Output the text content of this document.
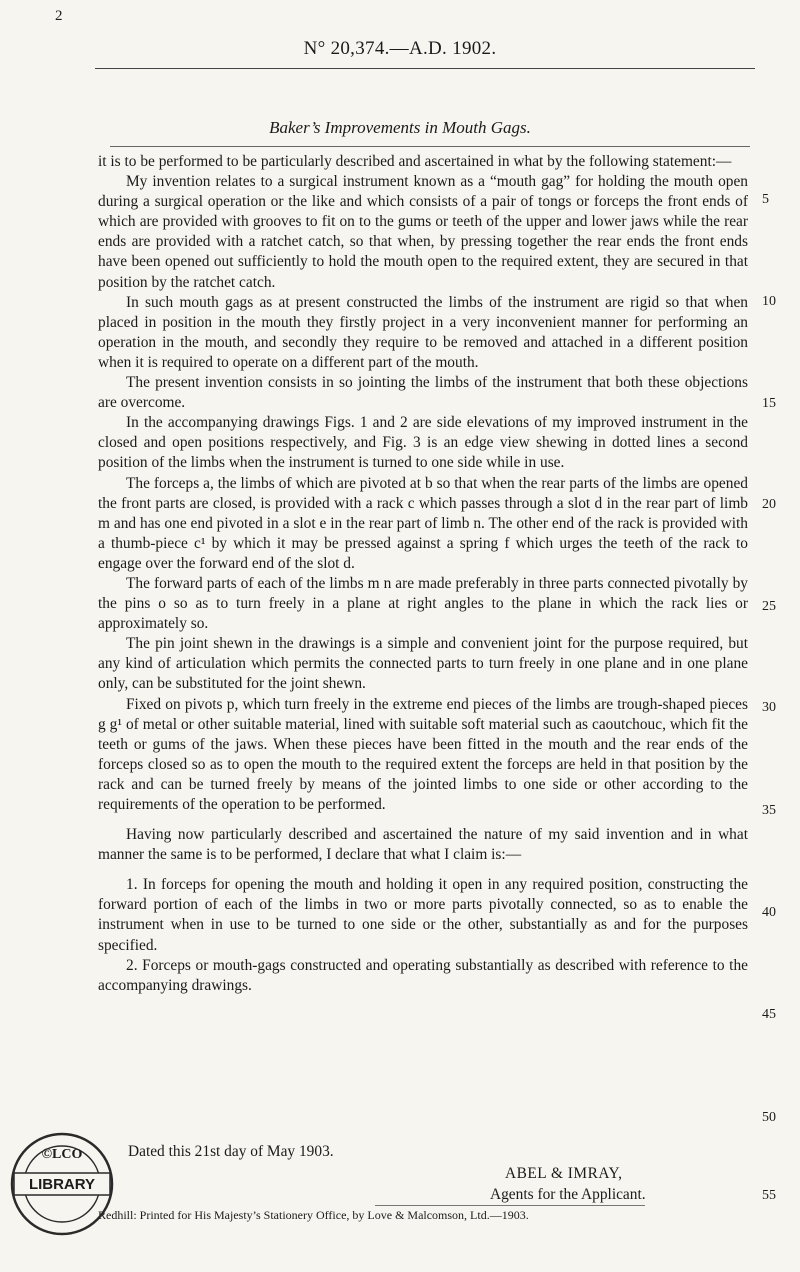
2
N° 20,374.—A.D. 1902.
Baker’s Improvements in Mouth Gags.

it is to be performed to be particularly described and ascertained in what by the following statement:—

My invention relates to a surgical instrument known as a “mouth gag” for holding the mouth open during a surgical operation or the like and which consists of a pair of tongs or forceps the front ends of which are provided with grooves to fit on to the gums or teeth of the upper and lower jaws while the rear ends are provided with a ratchet catch, so that when, by pressing together the rear ends the front ends have been opened out sufficiently to hold the mouth open to the required extent, they are secured in that position by the ratchet catch.

In such mouth gags as at present constructed the limbs of the instrument are rigid so that when placed in position in the mouth they firstly project in a very inconvenient manner for performing an operation in the mouth, and secondly they require to be removed and attached in a different position when it is required to operate on a different part of the mouth.

The present invention consists in so jointing the limbs of the instrument that both these objections are overcome.

In the accompanying drawings Figs. 1 and 2 are side elevations of my improved instrument in the closed and open positions respectively, and Fig. 3 is an edge view shewing in dotted lines a second position of the limbs when the instrument is turned to one side while in use.

The forceps a, the limbs of which are pivoted at b so that when the rear parts of the limbs are opened the front parts are closed, is provided with a rack c which passes through a slot d in the rear part of limb m and has one end pivoted in a slot e in the rear part of limb n. The other end of the rack is provided with a thumb-piece c¹ by which it may be pressed against a spring f which urges the teeth of the rack to engage over the forward end of the slot d.

The forward parts of each of the limbs m n are made preferably in three parts connected pivotally by the pins o so as to turn freely in a plane at right angles to the plane in which the rack lies or approximately so.

The pin joint shewn in the drawings is a simple and convenient joint for the purpose required, but any kind of articulation which permits the connected parts to turn freely in one plane and in one plane only, can be substituted for the joint shewn.

Fixed on pivots p, which turn freely in the extreme end pieces of the limbs are trough-shaped pieces g g¹ of metal or other suitable material, lined with suitable soft material such as caoutchouc, which fit the teeth or gums of the jaws. When these pieces have been fitted in the mouth and the rear ends of the forceps closed so as to open the mouth to the required extent the forceps are held in that position by the rack and can be turned freely by means of the jointed limbs to one side or other according to the requirements of the operation to be performed.

Having now particularly described and ascertained the nature of my said invention and in what manner the same is to be performed, I declare that what I claim is:—

1. In forceps for opening the mouth and holding it open in any required position, constructing the forward portion of each of the limbs in two or more parts pivotally connected, so as to enable the instrument when in use to be turned to one side or the other, substantially as and for the purposes specified.

2. Forceps or mouth-gags constructed and operating substantially as described with reference to the accompanying drawings.

Dated this 21st day of May 1903.
ABEL & IMRAY,
Agents for the Applicant.
Redhill: Printed for His Majesty’s Stationery Office, by Love & Malcomson, Ltd.—1903.
5
10
15
20
25
30
35
40
45
50
55
LIBRARY
©LCO
